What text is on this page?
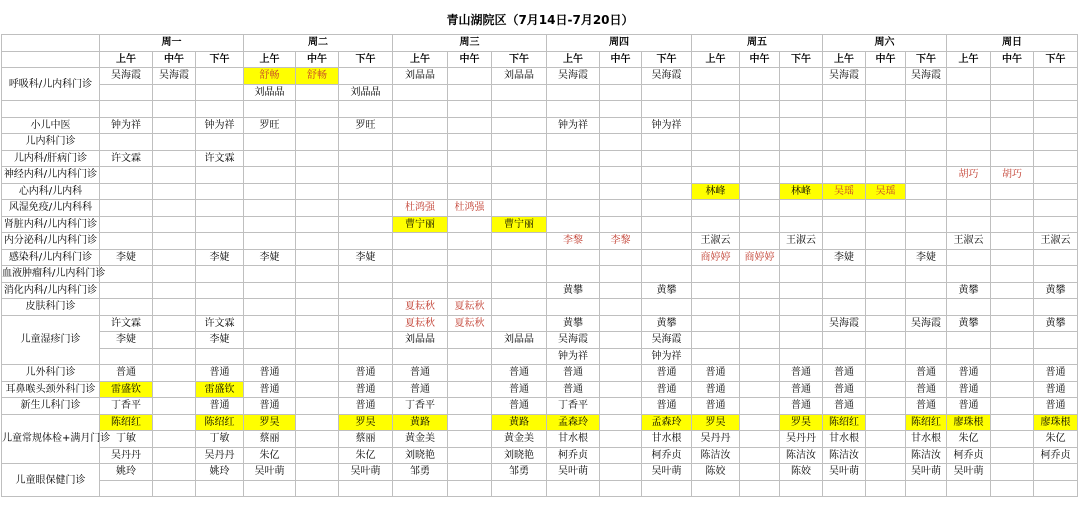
青山湖院区（7月14日-7月20日）
	周一			周二			周三			周四			周五			周六			周日		
	上午	中午	下午	上午	中午	下午	上午	中午	下午	上午	中午	下午	上午	中午	下午	上午	中午	下午	上午	中午	下午
呼吸科/儿内科门诊	吴海霞	吴海霞		舒畅	舒畅		刘晶晶		刘晶晶	吴海霞		吴海霞				吴海霞		吴海霞			
				刘晶晶		刘晶晶															

小儿中医	钟为祥		钟为祥	罗旺		罗旺				钟为祥		钟为祥									
儿内科门诊																					
儿内科/肝病门诊	许文霖		许文霖																		
神经内科/儿内科门诊																			胡巧	胡巧	
心内科/儿内科													林峰		林峰	吴瑶	吴瑶				
风湿免疫/儿内科科							杜鸿强	杜鸿强													
肾脏内科/儿内科门诊							曹宁丽		曹宁丽												
内分泌科/儿内科门诊										李黎	李黎		王淑云		王淑云				王淑云		王淑云
感染科/儿内科门诊	李婕		李婕	李婕		李婕							商婷婷	商婷婷		李婕		李婕			
血液肿瘤科/儿内科门诊																					
消化内科/儿内科门诊										黄攀		黄攀							黄攀		黄攀
皮肤科门诊							夏耘秋	夏耘秋													
儿童湿疹门诊	许文霖		许文霖				夏耘秋	夏耘秋		黄攀		黄攀				吴海霞		吴海霞	黄攀		黄攀
	李婕		李婕				刘晶晶		刘晶晶	吴海霞		吴海霞									
										钟为祥		钟为祥									
儿外科门诊	普通		普通	普通		普通	普通		普通	普通		普通	普通		普通	普通		普通	普通		普通
耳鼻喉头颈外科门诊	雷盛钦		雷盛钦	普通		普通	普通		普通	普通		普通	普通		普通	普通		普通	普通		普通
新生儿科门诊	丁香平		普通	普通		普通	丁香平		普通	丁香平		普通	普通		普通	普通		普通	普通		普通
儿童常规体检+满月门诊	陈绍红		陈绍红	罗昊		罗昊	黄路		黄路	孟森玲		孟森玲	罗昊		罗昊	陈绍红		陈绍红	廖珠根		廖珠根
	丁敏		丁敏	蔡丽		蔡丽	黄金美		黄金美	甘水根		甘水根	吴丹丹		吴丹丹	甘水根		甘水根	朱亿		朱亿
	吴丹丹		吴丹丹	朱亿		朱亿	刘晓艳		刘晓艳	柯乔贞		柯乔贞	陈洁汝		陈洁汝	陈洁汝		陈洁汝	柯乔贞		柯乔贞
儿童眼保健门诊	姚玲		姚玲	吴叶萌		吴叶萌	邹勇		邹勇	吴叶萌		吴叶萌	陈姣		陈姣	吴叶萌		吴叶萌	吴叶萌		
